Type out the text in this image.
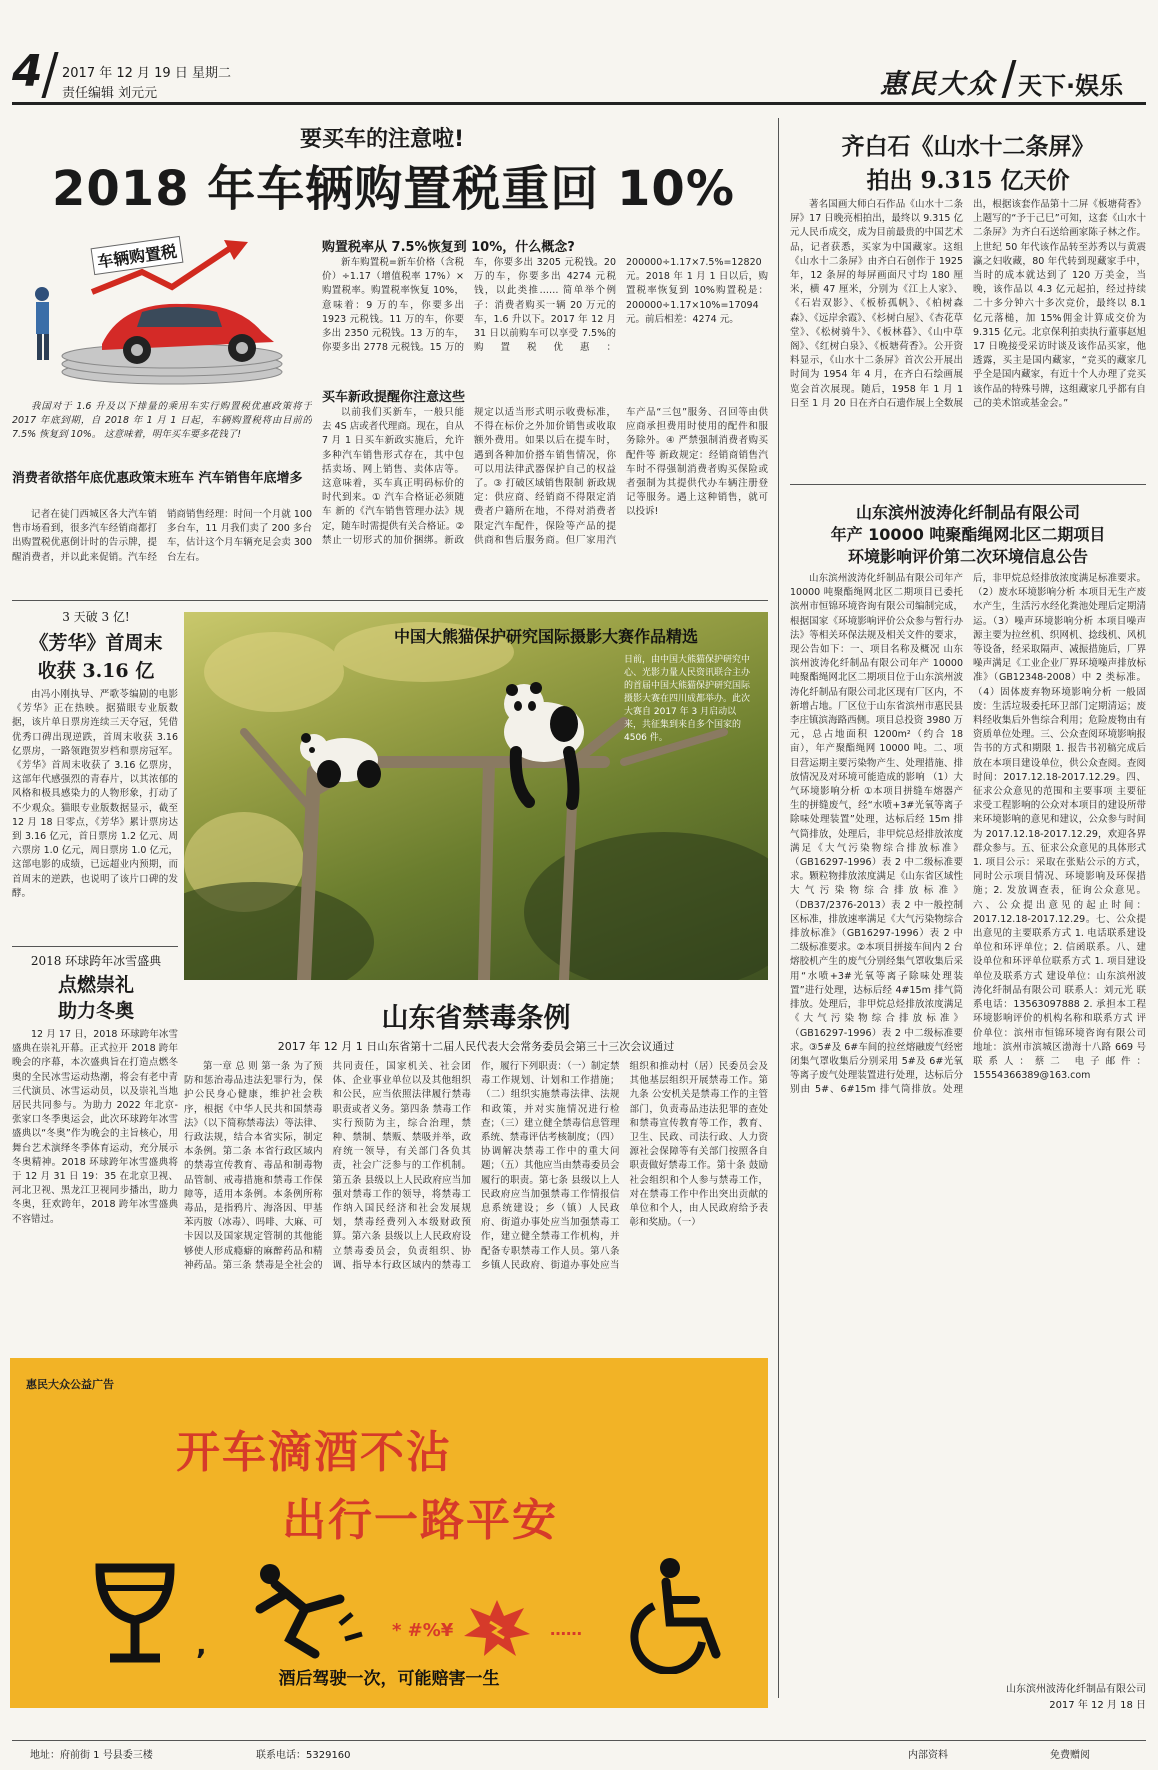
4 2017 年 12 月 19 日 星期二
责任编辑 刘元元	惠民大众 天下·娱乐
要买车的注意啦!
2018 年车辆购置税重回 10%
车辆购置税

我国对于 1.6 升及以下排量的乘用车实行购置税优惠政策将于 2017 年底到期，自 2018 年 1 月 1 日起，车辆购置税将由目前的 7.5% 恢复到 10%。 这意味着，明年买车要多花钱了!

消费者欲搭年底优惠政策末班车 汽车销售年底增多

记者在徒门西城区各大汽车销售市场看到，很多汽车经销商都打出购置税优惠倒计时的告示牌，提醒消费者，并以此来促销。汽车经销商销售经理：时间一个月就 100 多台车，11 月我们卖了 200 多台车，估计这个月车辆充足会卖 300 台左右。

购置税率从 7.5%恢复到 10%，什么概念?

新车购置税=新车价格（含税价）÷1.17（增值税率 17%）×购置税率。购置税率恢复 10%，意味着：9 万的车，你要多出 1923 元税钱。11 万的车，你要多出 2350 元税钱。13 万的车，你要多出 2778 元税钱。15 万的车，你要多出 3205 元税钱。20 万的车，你要多出 4274 元税钱，以此类推…… 简单举个例子：消费者购买一辆 20 万元的车，1.6 升以下。2017 年 12 月 31 日以前购车可以享受 7.5%的购置税优惠：200000÷1.17×7.5%=12820 元。2018 年 1 月 1 日以后，购置税率恢复到 10%购置税是：200000÷1.17×10%=17094 元。前后相差：4274 元。

买车新政提醒你注意这些

以前我们买新车，一般只能去 4S 店或者代理商。现在，自从 7 月 1 日买车新政实施后，允许多种汽车销售形式存在，其中包括卖场、网上销售、卖体店等。这意味着，买车真正明码标价的时代到来。① 汽车合格证必须随车 新的《汽车销售管理办法》规定，随车时需提供有关合格证。② 禁止一切形式的加价捆绑。新政规定以适当形式明示收费标准，不得在标价之外加价销售或收取额外费用。如果以后在提车时，遇到各种加价搭车销售情况，你可以用法律武器保护自己的权益了。③ 打破区域销售限制 新政规定：供应商、经销商不得限定消费者户籍所在地，不得对消费者限定汽车配件，保险等产品的提供商和售后服务商。但厂家用汽车产品“三包”服务、召回等由供应商承担费用时使用的配件和服务除外。④ 严禁强制消费者购买配件等 新政规定：经销商销售汽车时不得强制消费者购买保险或者强制为其提供代办车辆注册登记等服务。遇上这种销售，就可以投诉!

齐白石《山水十二条屏》
拍出 9.315 亿天价

著名国画大师白石作品《山水十二条屏》17 日晚亮相拍出，最终以 9.315 亿元人民币成交，成为目前最贵的中国艺术品，记者获悉，买家为中国藏家。这组《山水十二条屏》由齐白石创作于 1925 年，12 条屏的每屏画面尺寸均 180 厘米，横 47 厘米，分别为《江上人家》、《石岩双影》、《板桥孤帆》、《柏树森森》、《远岸余霞》、《杉树白屋》、《杏花草堂》、《松树骑牛》、《板林暮》、《山中草阁》、《红树白泉》、《板塘荷香》。公开资料显示，《山水十二条屏》首次公开展出时间为 1954 年 4 月，在齐白石绘画展览会首次展现。随后，1958 年 1 月 1 日至 1 月 20 日在齐白石遗作展上全数展出，根据该套作品第十二屏《板塘荷香》上题写的“予于己巳”可知，这套《山水十二条屏》为齐白石送给画家陈子林之作。上世纪 50 年代该作品转至苏秀以与黄震瀛之妇收藏，80 年代转到现藏家手中，当时的成本就达到了 120 万美金，当晚，该作品以 4.3 亿元起拍，经过持续二十多分钟六十多次竞价，最终以 8.1 亿元落槌，加 15%佣金计算成交价为 9.315 亿元。北京保利拍卖执行董事赵旭 17 日晚接受采访时谈及该作品买家，他透露，买主是国内藏家，“竞买的藏家几乎全是国内藏家，有近十个人办理了竞买该作品的特殊号牌，这组藏家几乎都有自己的美术馆或基金会。”

山东滨州波涛化纤制品有限公司
年产 10000 吨聚酯绳网北区二期项目
环境影响评价第二次环境信息公告

山东滨州波涛化纤制品有限公司年产 10000 吨聚酯绳网北区二期项目已委托滨州市恒锦环境咨询有限公司编制完成，根据国家《环境影响评价公众参与暂行办法》等相关环保法规及相关文件的要求，现公告如下：一、项目名称及概况 山东滨州波涛化纤制品有限公司年产 10000 吨聚酯绳网北区二期项目位于山东滨州波涛化纤制品有限公司北区现有厂区内，不新增占地。厂区位于山东省滨州市惠民县李庄镇滨海路西侧。项目总投资 3980 万元，总占地面积 1200m²（约合 18 亩），年产聚酯绳网 10000 吨。二、项目营运期主要污染物产生、处理措施、排放情况及对环境可能造成的影响 （1）大气环境影响分析 ①本项目拼缝车熔器产生的拼缝废气，经“水喷+3#光氧等离子除味处理装置”处理，达标后经 15m 排气筒排放，处理后，非甲烷总烃排放浓度满足《大气污染物综合排放标准》（GB16297-1996）表 2 中二级标准要求。颗粒物排放浓度满足《山东省区域性大气污染物综合排放标准》（DB37/2376-2013）表 2 中一般控制区标准，排放速率满足《大气污染物综合排放标准》（GB16297-1996）表 2 中二级标准要求。②本项目拼接车间内 2 台熔胶机产生的废气分别经集气罩收集后采用“水喷+3#光氧等离子除味处理装置”进行处理，达标后经 4#15m 排气筒排放。处理后，非甲烷总烃排放浓度满足《大气污染物综合排放标准》（GB16297-1996）表 2 中二级标准要求。③5#及 6#车间的拉丝熔融废气经密闭集气罩收集后分别采用 5#及 6#光氧等离子废气处理装置进行处理，达标后分别由 5#、6#15m 排气筒排放。处理后，非甲烷总烃排放浓度满足标准要求。（2）废水环境影响分析 本项目无生产废水产生，生活污水经化粪池处理后定期清运。（3）噪声环境影响分析 本项目噪声源主要为拉丝机、织网机、捻线机、风机等设备，经采取隔声、减振措施后，厂界噪声满足《工业企业厂界环境噪声排放标准》（GB12348-2008）中 2 类标准。（4）固体废弃物环境影响分析 一般固废：生活垃圾委托环卫部门定期清运；废料经收集后外售综合利用；危险废物由有资质单位处理。三、公众查阅环境影响报告书的方式和期限 1. 报告书初稿完成后放在本项目建设单位，供公众查阅。查阅时间：2017.12.18-2017.12.29。四、征求公众意见的范围和主要事项 主要征求受工程影响的公众对本项目的建设所带来环境影响的意见和建议，公众参与时间为 2017.12.18-2017.12.29，欢迎各界群众参与。五、征求公众意见的具体形式 1. 项目公示：采取在张贴公示的方式，同时公示项目情况、环境影响及环保措施；2. 发放调查表，征询公众意见。六、公众提出意见的起止时间：2017.12.18-2017.12.29。七、公众提出意见的主要联系方式 1. 电话联系建设单位和环评单位；2. 信函联系。八、建设单位和环评单位联系方式 1. 项目建设单位及联系方式 建设单位：山东滨州波涛化纤制品有限公司 联系人：刘元光 联系电话：13563097888 2. 承担本工程环境影响评价的机构名称和联系方式 评价单位：滨州市恒锦环境咨询有限公司 地址：滨州市滨城区渤海十八路 669 号 联系人：蔡二 电子邮件：15554366389@163.com

山东滨州波涛化纤制品有限公司
2017 年 12 月 18 日
3 天破 3 亿!
《芳华》首周末
收获 3.16 亿

由冯小刚执导、严歌苓编剧的电影《芳华》正在热映。据猫眼专业版数据，该片单日票房连续三天夺冠，凭借优秀口碑出现逆跌，首周末收获 3.16 亿票房，一路领跑贺岁档和票房冠军。《芳华》首周末收获了 3.16 亿票房，这部年代感强烈的青春片，以其浓郁的风格和极具感染力的人物形象，打动了不少观众。猫眼专业版数据显示，截至 12 月 18 日零点，《芳华》累计票房达到 3.16 亿元，首日票房 1.2 亿元、周六票房 1.0 亿元，周日票房 1.0 亿元，这部电影的成绩，已远超业内预期，而首周末的逆跌，也说明了该片口碑的发酵。

2018 环球跨年冰雪盛典
点燃崇礼
助力冬奥

12 月 17 日，2018 环球跨年冰雪盛典在崇礼开幕。正式拉开 2018 跨年晚会的序幕，本次盛典旨在打造点燃冬奥的全民冰雪运动热潮，将会有老中青三代演员、冰雪运动员，以及崇礼当地居民共同参与。为助力 2022 年北京-张家口冬季奥运会，此次环球跨年冰雪盛典以“冬奥”作为晚会的主旨核心，用舞台艺术演绎冬季体育运动，充分展示冬奥精神。2018 环球跨年冰雪盛典将于 12 月 31 日 19：35 在北京卫视、河北卫视、黑龙江卫视同步播出，助力冬奥，狂欢跨年，2018 跨年冰雪盛典不容错过。

中国大熊猫保护研究国际摄影大赛作品精选
日前，由中国大熊猫保护研究中心、光影力量人民资讯联合主办的首届中国大熊猫保护研究国际摄影大赛在四川成都举办。此次大赛自 2017 年 3 月启动以来，共征集到来自多个国家的 4506 件。
山东省禁毒条例
2017 年 12 月 1 日山东省第十二届人民代表大会常务委员会第三十三次会议通过

第一章 总 则 第一条 为了预防和惩治毒品违法犯罪行为，保护公民身心健康，维护社会秩序，根据《中华人民共和国禁毒法》（以下简称禁毒法）等法律、行政法规，结合本省实际，制定本条例。第二条 本省行政区域内的禁毒宣传教育、毒品和制毒物品管制、戒毒措施和禁毒工作保障等，适用本条例。本条例所称毒品，是指鸦片、海洛因、甲基苯丙胺（冰毒）、吗啡、大麻、可卡因以及国家规定管制的其他能够使人形成瘾癖的麻醉药品和精神药品。第三条 禁毒是全社会的共同责任，国家机关、社会团体、企业事业单位以及其他组织和公民，应当依照法律履行禁毒职责或者义务。第四条 禁毒工作实行预防为主，综合治理，禁种、禁制、禁贩、禁吸并举，政府统一领导，有关部门各负其责，社会广泛参与的工作机制。第五条 县级以上人民政府应当加强对禁毒工作的领导，将禁毒工作纳入国民经济和社会发展规划，禁毒经费列入本级财政预算。第六条 县级以上人民政府设立禁毒委员会，负责组织、协调、指导本行政区域内的禁毒工作，履行下列职责：（一）制定禁毒工作规划、计划和工作措施；（二）组织实施禁毒法律、法规和政策，并对实施情况进行检查；（三）建立健全禁毒信息管理系统、禁毒评估考核制度；（四）协调解决禁毒工作中的重大问题；（五）其他应当由禁毒委员会履行的职责。第七条 县级以上人民政府应当加强禁毒工作情报信息系统建设；乡（镇）人民政府、街道办事处应当加强禁毒工作，建立健全禁毒工作机构，并配备专职禁毒工作人员。第八条 乡镇人民政府、街道办事处应当组织和推动村（居）民委员会及其他基层组织开展禁毒工作。第九条 公安机关是禁毒工作的主管部门，负责毒品违法犯罪的查处和禁毒宣传教育等工作，教育、卫生、民政、司法行政、人力资源社会保障等有关部门按照各自职责做好禁毒工作。第十条 鼓励社会组织和个人参与禁毒工作，对在禁毒工作中作出突出贡献的单位和个人，由人民政府给予表彰和奖励。（一）

惠民大众公益广告
开车滴酒不沾
出行一路平安
,	* #%¥	……
酒后驾驶一次，可能赔害一生
地址：府前街 1 号县委三楼	联系电话：5329160	内部资料	免费赠阅
